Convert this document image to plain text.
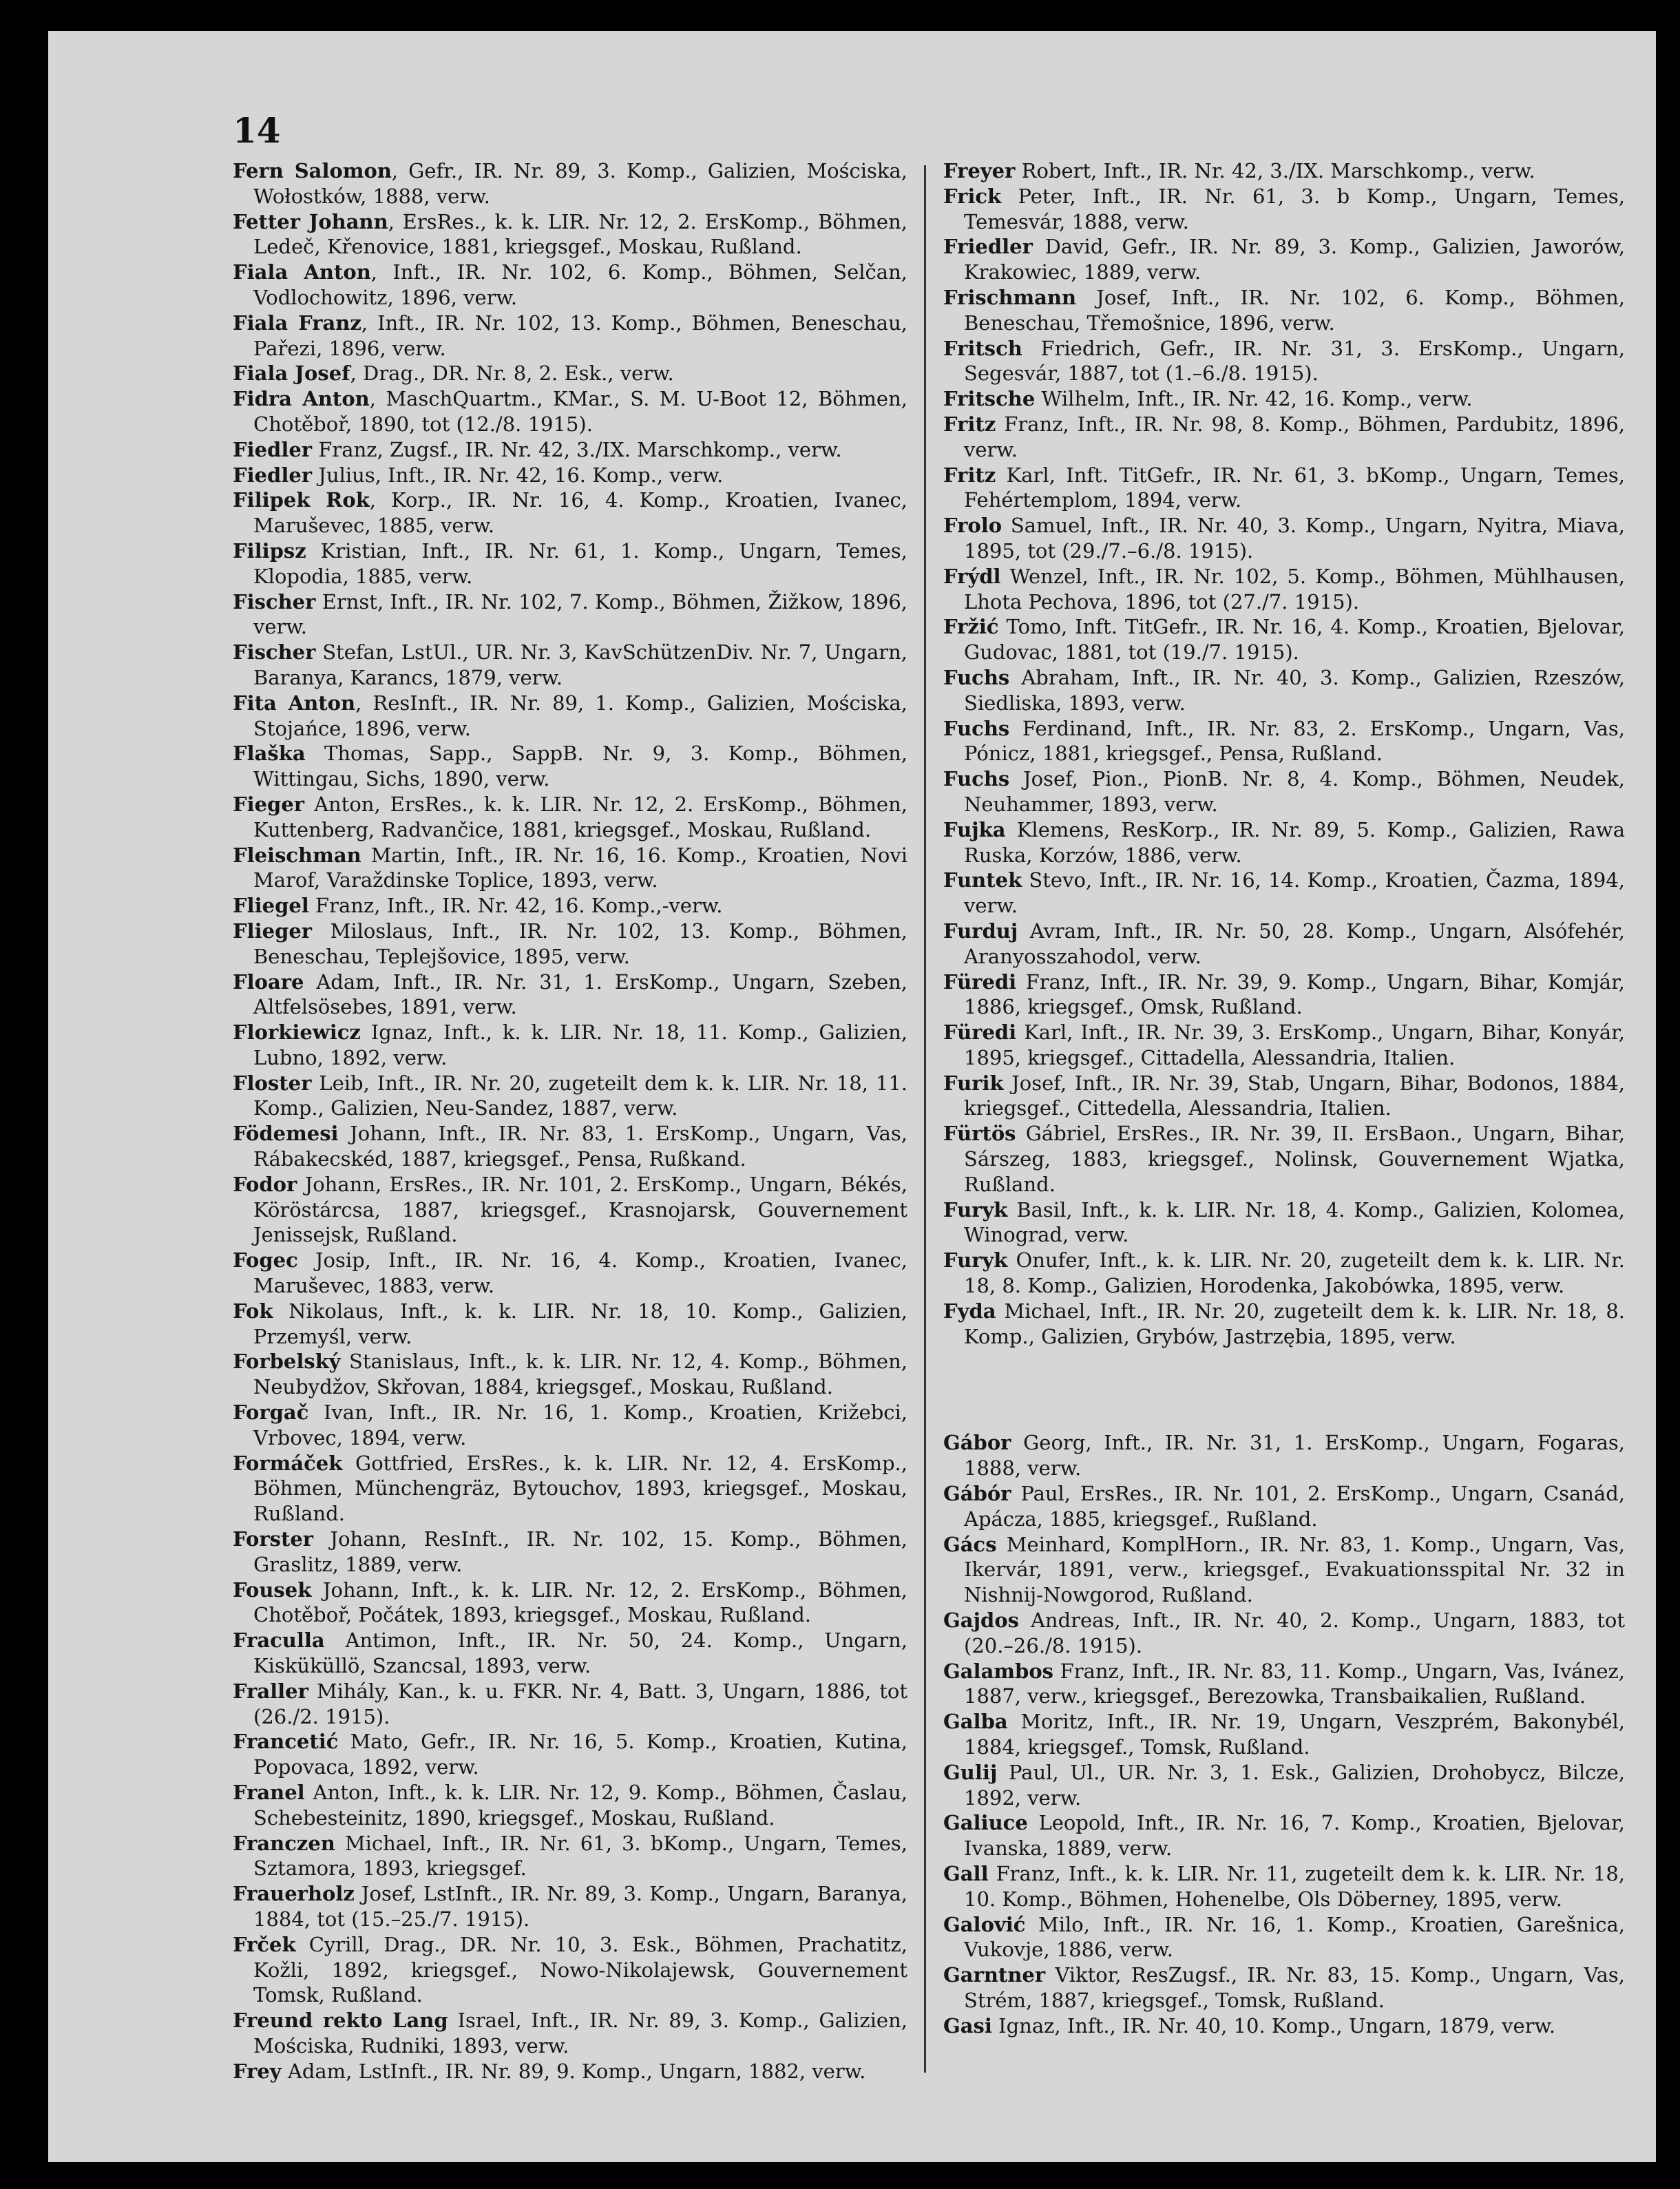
14
Fern Salomon, Gefr., IR. Nr. 89, 3. Komp., Galizien, Mościska, Wołostków, 1888, verw.
Fetter Johann, ErsRes., k. k. LIR. Nr. 12, 2. ErsKomp., Böhmen, Ledeč, Křenovice, 1881, kriegsgef., Moskau, Rußland.
Fiala Anton, Inft., IR. Nr. 102, 6. Komp., Böhmen, Selčan, Vodlochowitz, 1896, verw.
Fiala Franz, Inft., IR. Nr. 102, 13. Komp., Böhmen, Beneschau, Pařezi, 1896, verw.
Fiala Josef, Drag., DR. Nr. 8, 2. Esk., verw.
Fidra Anton, MaschQuartm., KMar., S. M. U-Boot 12, Böhmen, Chotěboř, 1890, tot (12./8. 1915).
Fiedler Franz, Zugsf., IR. Nr. 42, 3./IX. Marschkomp., verw.
Fiedler Julius, Inft., IR. Nr. 42, 16. Komp., verw.
Filipek Rok, Korp., IR. Nr. 16, 4. Komp., Kroatien, Ivanec, Maruševec, 1885, verw.
Filipsz Kristian, Inft., IR. Nr. 61, 1. Komp., Ungarn, Temes, Klopodia, 1885, verw.
Fischer Ernst, Inft., IR. Nr. 102, 7. Komp., Böhmen, Žižkow, 1896, verw.
Fischer Stefan, LstUl., UR. Nr. 3, KavSchützenDiv. Nr. 7, Ungarn, Baranya, Karancs, 1879, verw.
Fita Anton, ResInft., IR. Nr. 89, 1. Komp., Galizien, Mościska, Stojańce, 1896, verw.
Flaška Thomas, Sapp., SappB. Nr. 9, 3. Komp., Böhmen, Wittingau, Sichs, 1890, verw.
Fieger Anton, ErsRes., k. k. LIR. Nr. 12, 2. ErsKomp., Böhmen, Kuttenberg, Radvančice, 1881, kriegsgef., Moskau, Rußland.
Fleischman Martin, Inft., IR. Nr. 16, 16. Komp., Kroatien, Novi Marof, Varaždinske Toplice, 1893, verw.
Fliegel Franz, Inft., IR. Nr. 42, 16. Komp.,-verw.
Flieger Miloslaus, Inft., IR. Nr. 102, 13. Komp., Böhmen, Beneschau, Teplejšovice, 1895, verw.
Floare Adam, Inft., IR. Nr. 31, 1. ErsKomp., Ungarn, Szeben, Altfelsösebes, 1891, verw.
Florkiewicz Ignaz, Inft., k. k. LIR. Nr. 18, 11. Komp., Galizien, Lubno, 1892, verw.
Floster Leib, Inft., IR. Nr. 20, zugeteilt dem k. k. LIR. Nr. 18, 11. Komp., Galizien, Neu-Sandez, 1887, verw.
Födemesi Johann, Inft., IR. Nr. 83, 1. ErsKomp., Ungarn, Vas, Rábakecskéd, 1887, kriegsgef., Pensa, Rußkand.
Fodor Johann, ErsRes., IR. Nr. 101, 2. ErsKomp., Ungarn, Békés, Köröstárcsa, 1887, kriegsgef., Krasnojarsk, Gouvernement Jenissejsk, Rußland.
Fogec Josip, Inft., IR. Nr. 16, 4. Komp., Kroatien, Ivanec, Maruševec, 1883, verw.
Fok Nikolaus, Inft., k. k. LIR. Nr. 18, 10. Komp., Galizien, Przemyśl, verw.
Forbelský Stanislaus, Inft., k. k. LIR. Nr. 12, 4. Komp., Böhmen, Neubydžov, Skřovan, 1884, kriegsgef., Moskau, Rußland.
Forgač Ivan, Inft., IR. Nr. 16, 1. Komp., Kroatien, Križebci, Vrbovec, 1894, verw.
Formáček Gottfried, ErsRes., k. k. LIR. Nr. 12, 4. ErsKomp., Böhmen, Münchengräz, Bytouchov, 1893, kriegsgef., Moskau, Rußland.
Forster Johann, ResInft., IR. Nr. 102, 15. Komp., Böhmen, Graslitz, 1889, verw.
Fousek Johann, Inft., k. k. LIR. Nr. 12, 2. ErsKomp., Böhmen, Chotěboř, Počátek, 1893, kriegsgef., Moskau, Rußland.
Fraculla Antimon, Inft., IR. Nr. 50, 24. Komp., Ungarn, Kisküküllö, Szancsal, 1893, verw.
Fraller Mihály, Kan., k. u. FKR. Nr. 4, Batt. 3, Ungarn, 1886, tot (26./2. 1915).
Francetić Mato, Gefr., IR. Nr. 16, 5. Komp., Kroatien, Kutina, Popovaca, 1892, verw.
Franel Anton, Inft., k. k. LIR. Nr. 12, 9. Komp., Böhmen, Časlau, Schebesteinitz, 1890, kriegsgef., Moskau, Rußland.
Franczen Michael, Inft., IR. Nr. 61, 3. bKomp., Ungarn, Temes, Sztamora, 1893, kriegsgef.
Frauerholz Josef, LstInft., IR. Nr. 89, 3. Komp., Ungarn, Baranya, 1884, tot (15.–25./7. 1915).
Frček Cyrill, Drag., DR. Nr. 10, 3. Esk., Böhmen, Prachatitz, Kožli, 1892, kriegsgef., Nowo-Nikolajewsk, Gouvernement Tomsk, Rußland.
Freund rekto Lang Israel, Inft., IR. Nr. 89, 3. Komp., Galizien, Mościska, Rudniki, 1893, verw.
Frey Adam, LstInft., IR. Nr. 89, 9. Komp., Ungarn, 1882, verw.
Freyer Robert, Inft., IR. Nr. 42, 3./IX. Marschkomp., verw.
Frick Peter, Inft., IR. Nr. 61, 3. b Komp., Ungarn, Temes, Temesvár, 1888, verw.
Friedler David, Gefr., IR. Nr. 89, 3. Komp., Galizien, Jaworów, Krakowiec, 1889, verw.
Frischmann Josef, Inft., IR. Nr. 102, 6. Komp., Böhmen, Beneschau, Třemošnice, 1896, verw.
Fritsch Friedrich, Gefr., IR. Nr. 31, 3. ErsKomp., Ungarn, Segesvár, 1887, tot (1.–6./8. 1915).
Fritsche Wilhelm, Inft., IR. Nr. 42, 16. Komp., verw.
Fritz Franz, Inft., IR. Nr. 98, 8. Komp., Böhmen, Pardubitz, 1896, verw.
Fritz Karl, Inft. TitGefr., IR. Nr. 61, 3. bKomp., Ungarn, Temes, Fehértemplom, 1894, verw.
Frolo Samuel, Inft., IR. Nr. 40, 3. Komp., Ungarn, Nyitra, Miava, 1895, tot (29./7.–6./8. 1915).
Frýdl Wenzel, Inft., IR. Nr. 102, 5. Komp., Böhmen, Mühlhausen, Lhota Pechova, 1896, tot (27./7. 1915).
Fržić Tomo, Inft. TitGefr., IR. Nr. 16, 4. Komp., Kroatien, Bjelovar, Gudovac, 1881, tot (19./7. 1915).
Fuchs Abraham, Inft., IR. Nr. 40, 3. Komp., Galizien, Rzeszów, Siedliska, 1893, verw.
Fuchs Ferdinand, Inft., IR. Nr. 83, 2. ErsKomp., Ungarn, Vas, Pónicz, 1881, kriegsgef., Pensa, Rußland.
Fuchs Josef, Pion., PionB. Nr. 8, 4. Komp., Böhmen, Neudek, Neuhammer, 1893, verw.
Fujka Klemens, ResKorp., IR. Nr. 89, 5. Komp., Galizien, Rawa Ruska, Korzów, 1886, verw.
Funtek Stevo, Inft., IR. Nr. 16, 14. Komp., Kroatien, Čazma, 1894, verw.
Furduj Avram, Inft., IR. Nr. 50, 28. Komp., Ungarn, Alsófehér, Aranyosszahodol, verw.
Füredi Franz, Inft., IR. Nr. 39, 9. Komp., Ungarn, Bihar, Komjár, 1886, kriegsgef., Omsk, Rußland.
Füredi Karl, Inft., IR. Nr. 39, 3. ErsKomp., Ungarn, Bihar, Konyár, 1895, kriegsgef., Cittadella, Alessandria, Italien.
Furik Josef, Inft., IR. Nr. 39, Stab, Ungarn, Bihar, Bodonos, 1884, kriegsgef., Cittedella, Alessandria, Italien.
Fürtös Gábriel, ErsRes., IR. Nr. 39, II. ErsBaon., Ungarn, Bihar, Sárszeg, 1883, kriegsgef., Nolinsk, Gouvernement Wjatka, Rußland.
Furyk Basil, Inft., k. k. LIR. Nr. 18, 4. Komp., Galizien, Kolomea, Winograd, verw.
Furyk Onufer, Inft., k. k. LIR. Nr. 20, zugeteilt dem k. k. LIR. Nr. 18, 8. Komp., Galizien, Horodenka, Jakobówka, 1895, verw.
Fyda Michael, Inft., IR. Nr. 20, zugeteilt dem k. k. LIR. Nr. 18, 8. Komp., Galizien, Grybów, Jastrzębia, 1895, verw.
Gábor Georg, Inft., IR. Nr. 31, 1. ErsKomp., Ungarn, Fogaras, 1888, verw.
Gábór Paul, ErsRes., IR. Nr. 101, 2. ErsKomp., Ungarn, Csanád, Apácza, 1885, kriegsgef., Rußland.
Gács Meinhard, KomplHorn., IR. Nr. 83, 1. Komp., Ungarn, Vas, Ikervár, 1891, verw., kriegsgef., Evakuationsspital Nr. 32 in Nishnij-Nowgorod, Rußland.
Gajdos Andreas, Inft., IR. Nr. 40, 2. Komp., Ungarn, 1883, tot (20.–26./8. 1915).
Galambos Franz, Inft., IR. Nr. 83, 11. Komp., Ungarn, Vas, Ivánez, 1887, verw., kriegsgef., Berezowka, Transbaikalien, Rußland.
Galba Moritz, Inft., IR. Nr. 19, Ungarn, Veszprém, Bakonybél, 1884, kriegsgef., Tomsk, Rußland.
Gulij Paul, Ul., UR. Nr. 3, 1. Esk., Galizien, Drohobycz, Bilcze, 1892, verw.
Galiuce Leopold, Inft., IR. Nr. 16, 7. Komp., Kroatien, Bjelovar, Ivanska, 1889, verw.
Gall Franz, Inft., k. k. LIR. Nr. 11, zugeteilt dem k. k. LIR. Nr. 18, 10. Komp., Böhmen, Hohenelbe, Ols Döberney, 1895, verw.
Galović Milo, Inft., IR. Nr. 16, 1. Komp., Kroatien, Garešnica, Vukovje, 1886, verw.
Garntner Viktor, ResZugsf., IR. Nr. 83, 15. Komp., Ungarn, Vas, Strém, 1887, kriegsgef., Tomsk, Rußland.
Gasi Ignaz, Inft., IR. Nr. 40, 10. Komp., Ungarn, 1879, verw.
